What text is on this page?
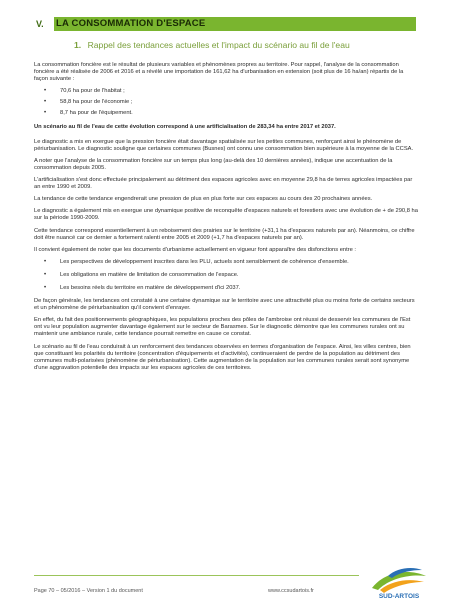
V.	LA CONSOMMATION D'ESPACE
1. Rappel des tendances actuelles et l'impact du scénario au fil de l'eau

La consommation foncière est le résultat de plusieurs variables et phénomènes propres au territoire. Pour rappel, l'analyse de la consommation foncière a été réalisée de 2006 et 2016 et a révélé une importation de 161,62 ha d'urbanisation en extension (soit plus de 16 ha/an) répartis de la façon suivante :

• 70,6 ha pour de l'habitat ;
• 58,8 ha pour de l'économie ;
• 8,7 ha pour de l'équipement.

Un scénario au fil de l'eau de cette évolution correspond à une artificialisation de 283,34 ha entre 2017 et 2037.

Le diagnostic a mis en exergue que la pression foncière était davantage spatialisée sur les petites communes, renforçant ainsi le phénomène de périurbanisation. Le diagnostic souligne que certaines communes (Busnes) ont connu une consommation bien supérieure à la moyenne de la CCSA.

A noter que l'analyse de la consommation foncière sur un temps plus long (au-delà des 10 dernières années), indique une accentuation de la consommation depuis 2005.

L'artificialisation s'est donc effectuée principalement au détriment des espaces agricoles avec en moyenne 29,8 ha de terres agricoles impactées par an entre 1990 et 2009.

La tendance de cette tendance engendrerait une pression de plus en plus forte sur ces espaces au cours des 20 prochaines années.

Le diagnostic a également mis en exergue une dynamique positive de reconquête d'espaces naturels et forestiers avec une évolution de + de 290,8 ha sur la période 1990-2009.

Cette tendance correspond essentiellement à un reboisement des prairies sur le territoire (+31,1 ha d'espaces naturels par an). Néanmoins, ce chiffre doit être nuancé car ce dernier a fortement ralenti entre 2005 et 2009 (+1,7 ha d'espaces naturels par an).

Il convient également de noter que les documents d'urbanisme actuellement en vigueur font apparaître des disfonctions entre :

• Les perspectives de développement inscrites dans les PLU, actuels sont sensiblement de cohérence d'ensemble.
• Les obligations en matière de limitation de consommation de l'espace.
• Les besoins réels du territoire en matière de développement d'ici 2037.

De façon générale, les tendances ont constaté à une certaine dynamique sur le territoire avec une attractivité plus ou moins forte de certains secteurs et un phénomène de périurbanisation qu'il convient d'enrayer.

En effet, du fait des positionnements géographiques, les populations proches des pôles de l'ambroise ont réussi de desservir les communes de l'Est ont vu leur population augmenter davantage également sur le secteur de Barasmes. Sur le diagnostic démontre que les communes rurales ont su maintenir une ambiance rurale, cette tendance pourrait remettre en cause ce constat.

Le scénario au fil de l'eau conduirait à un renforcement des tendances observées en termes d'organisation de l'espace. Ainsi, les villes centres, bien que constituant les polarités du territoire (concentration d'équipements et d'activités), continueraient de perdre de la population au détriment des communes multi-polarisées (phénomène de périurbanisation). Cette augmentation de la population sur les communes rurales serait sont synonyme d'une aggravation potentielle des impacts sur les espaces agricoles de ces territoires.

Page 70 – 05/2016 – Version 1 du document	www.ccsudartois.fr
SUD-ARTOIS
